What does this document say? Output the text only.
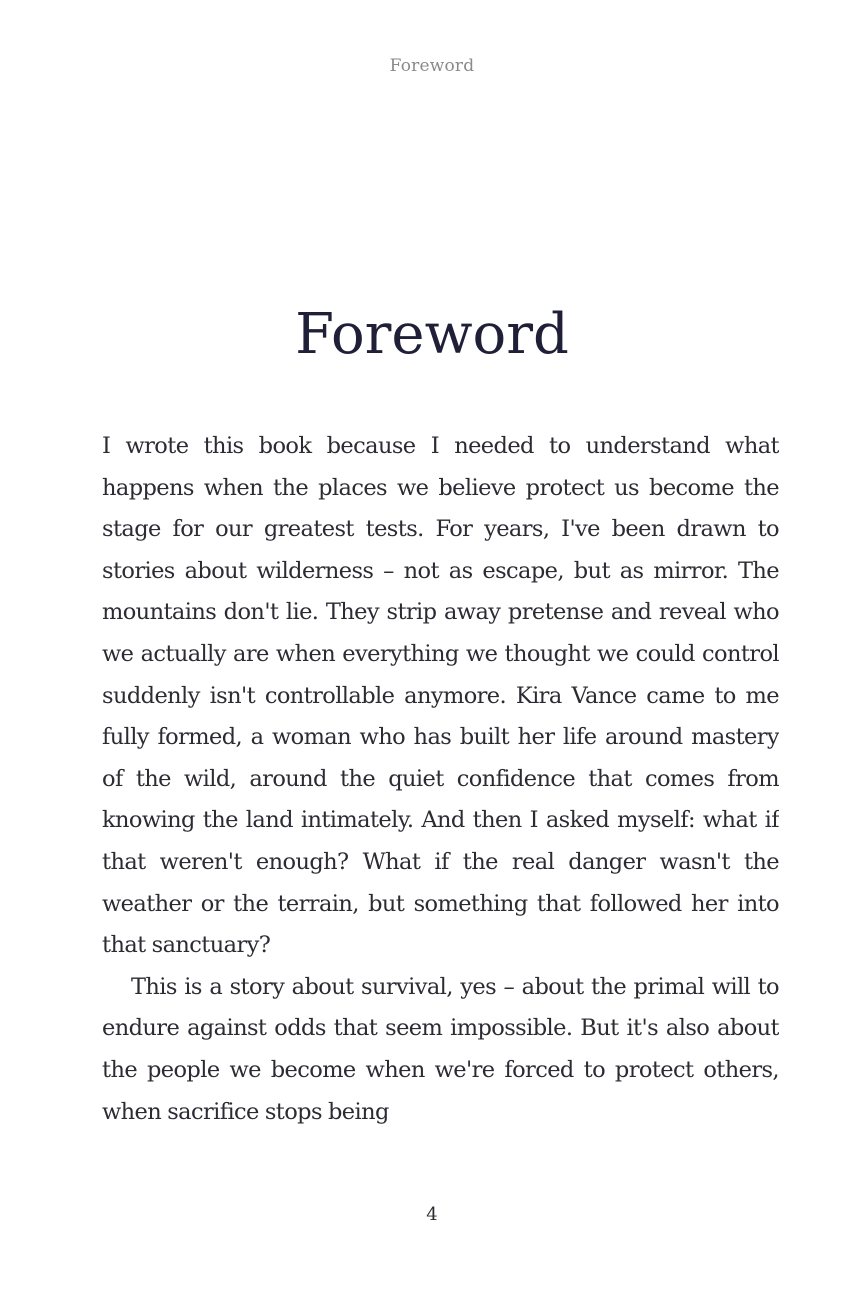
Foreword
Foreword

I wrote this book because I needed to understand what happens when the places we believe protect us become the stage for our greatest tests. For years, I've been drawn to stories about wilderness – not as escape, but as mirror. The mountains don't lie. They strip away pretense and reveal who we actually are when everything we thought we could control suddenly isn't controllable anymore. Kira Vance came to me fully formed, a woman who has built her life around mastery of the wild, around the quiet confidence that comes from knowing the land intimately. And then I asked myself: what if that weren't enough? What if the real danger wasn't the weather or the terrain, but something that followed her into that sanctuary?

This is a story about survival, yes – about the primal will to endure against odds that seem impossible. But it's also about the people we become when we're forced to protect others, when sacrifice stops being

4
